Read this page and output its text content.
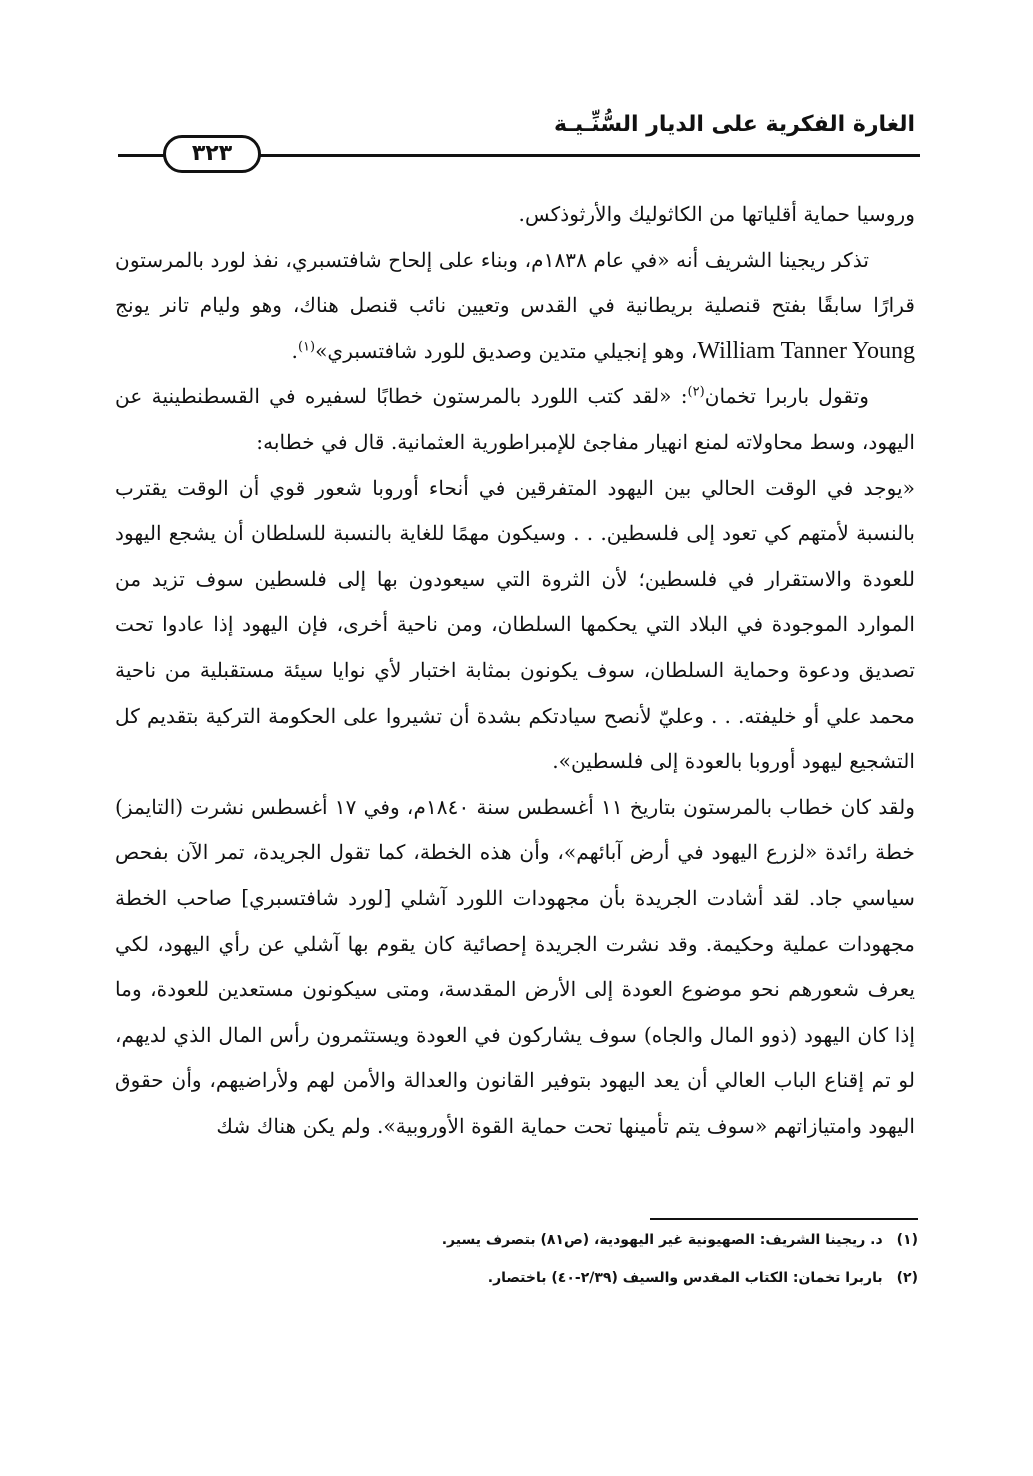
الغارة الفكرية على الديار السُّنِّـيـة
٣٢٣

وروسيا حماية أقلياتها من الكاثوليك والأرثوذكس.

تذكر ريجينا الشريف أنه «في عام ١٨٣٨م، وبناء على إلحاح شافتسبري، نفذ لورد بالمرستون قرارًا سابقًا بفتح قنصلية بريطانية في القدس وتعيين نائب قنصل هناك، وهو وليام تانر يونج William Tanner Young، وهو إنجيلي متدين وصديق للورد شافتسبري»$^{(١)}$.

وتقول باربرا تخمان$^{(٢)}$: «لقد كتب اللورد بالمرستون خطابًا لسفيره في القسطنطينية عن اليهود، وسط محاولاته لمنع انهيار مفاجئ للإمبراطورية العثمانية. قال في خطابه:

«يوجد في الوقت الحالي بين اليهود المتفرقين في أنحاء أوروبا شعور قوي أن الوقت يقترب بالنسبة لأمتهم كي تعود إلى فلسطين. . . وسيكون مهمًا للغاية بالنسبة للسلطان أن يشجع اليهود للعودة والاستقرار في فلسطين؛ لأن الثروة التي سيعودون بها إلى فلسطين سوف تزيد من الموارد الموجودة في البلاد التي يحكمها السلطان، ومن ناحية أخرى، فإن اليهود إذا عادوا تحت تصديق ودعوة وحماية السلطان، سوف يكونون بمثابة اختبار لأي نوايا سيئة مستقبلية من ناحية محمد علي أو خليفته. . . وعليّ لأنصح سيادتكم بشدة أن تشيروا على الحكومة التركية بتقديم كل التشجيع ليهود أوروبا بالعودة إلى فلسطين».

ولقد كان خطاب بالمرستون بتاريخ ١١ أغسطس سنة ١٨٤٠م، وفي ١٧ أغسطس نشرت (التايمز) خطة رائدة «لزرع اليهود في أرض آبائهم»، وأن هذه الخطة، كما تقول الجريدة، تمر الآن بفحص سياسي جاد. لقد أشادت الجريدة بأن مجهودات اللورد آشلي [لورد شافتسبري] صاحب الخطة مجهودات عملية وحكيمة. وقد نشرت الجريدة إحصائية كان يقوم بها آشلي عن رأي اليهود، لكي يعرف شعورهم نحو موضوع العودة إلى الأرض المقدسة، ومتى سيكونون مستعدين للعودة، وما إذا كان اليهود (ذوو المال والجاه) سوف يشاركون في العودة ويستثمرون رأس المال الذي لديهم، لو تم إقناع الباب العالي أن يعد اليهود بتوفير القانون والعدالة والأمن لهم ولأراضيهم، وأن حقوق اليهود وامتيازاتهم «سوف يتم تأمينها تحت حماية القوة الأوروبية». ولم يكن هناك شك

(١)د. ريجينا الشريف: الصهيونية غير اليهودية، (ص٨١) بتصرف يسير.

(٢)باربرا تخمان: الكتاب المقدس والسيف (٢/٣٩-٤٠) باختصار.
